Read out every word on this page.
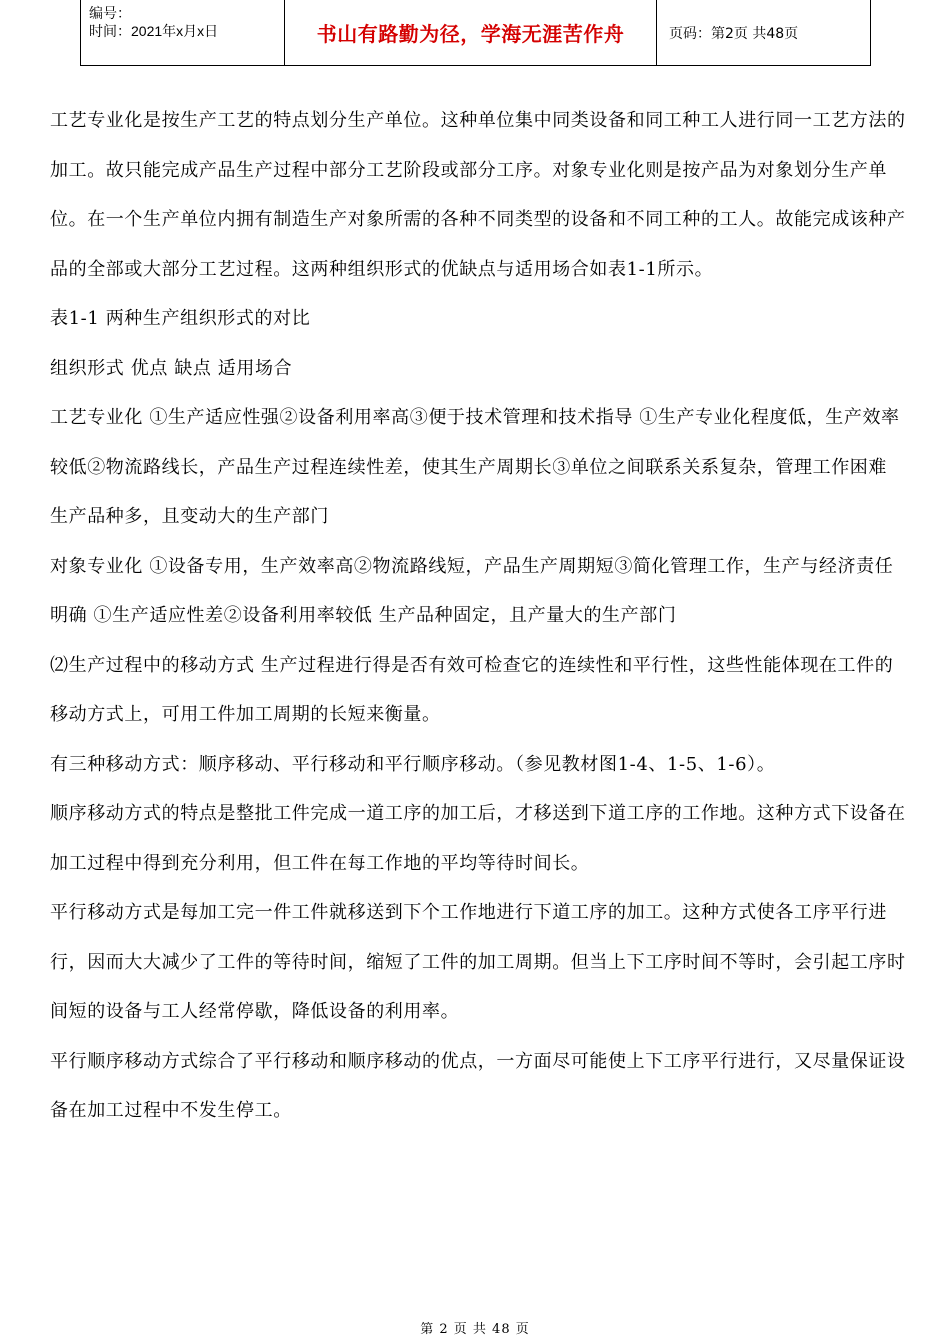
编号：
时间：2021年x月x日	书山有路勤为径，学海无涯苦作舟	页码：第2页 共48页

工艺专业化是按生产工艺的特点划分生产单位。这种单位集中同类设备和同工种工人进行同一工艺方法的加工。故只能完成产品生产过程中部分工艺阶段或部分工序。对象专业化则是按产品为对象划分生产单位。在一个生产单位内拥有制造生产对象所需的各种不同类型的设备和不同工种的工人。故能完成该种产品的全部或大部分工艺过程。这两种组织形式的优缺点与适用场合如表1-1所示。

表1-1 两种生产组织形式的对比

组织形式 优点 缺点 适用场合

工艺专业化 ①生产适应性强②设备利用率高③便于技术管理和技术指导 ①生产专业化程度低，生产效率较低②物流路线长，产品生产过程连续性差，使其生产周期长③单位之间联系关系复杂，管理工作困难 生产品种多，且变动大的生产部门

对象专业化 ①设备专用，生产效率高②物流路线短，产品生产周期短③简化管理工作，生产与经济责任明确 ①生产适应性差②设备利用率较低 生产品种固定，且产量大的生产部门

⑵生产过程中的移动方式 生产过程进行得是否有效可检查它的连续性和平行性，这些性能体现在工件的移动方式上，可用工件加工周期的长短来衡量。

有三种移动方式：顺序移动、平行移动和平行顺序移动。（参见教材图1-4、1-5、1-6）。

顺序移动方式的特点是整批工件完成一道工序的加工后，才移送到下道工序的工作地。这种方式下设备在加工过程中得到充分利用，但工件在每工作地的平均等待时间长。

平行移动方式是每加工完一件工件就移送到下个工作地进行下道工序的加工。这种方式使各工序平行进行，因而大大减少了工件的等待时间，缩短了工件的加工周期。但当上下工序时间不等时，会引起工序时间短的设备与工人经常停歇，降低设备的利用率。

平行顺序移动方式综合了平行移动和顺序移动的优点，一方面尽可能使上下工序平行进行，又尽量保证设备在加工过程中不发生停工。

第 2 页 共 48 页
